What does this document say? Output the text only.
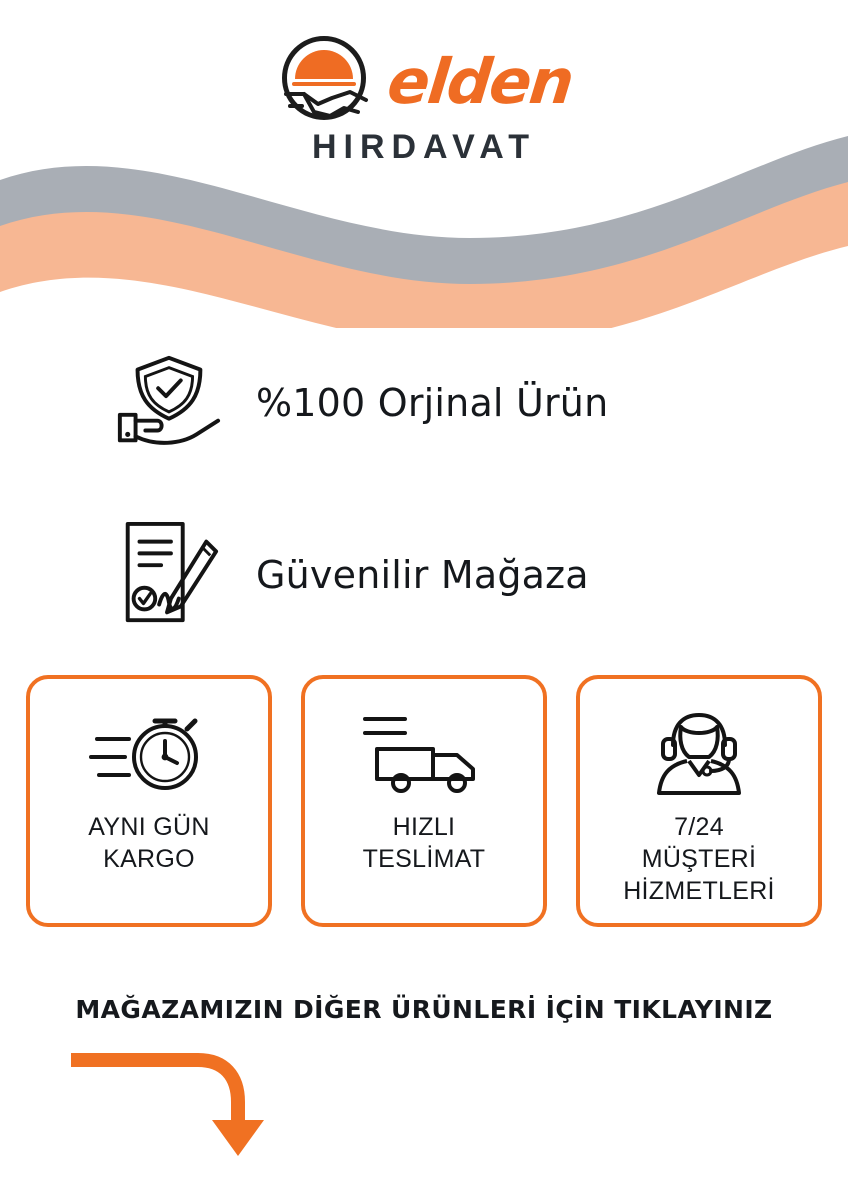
elden
HIRDAVAT
%100 Orjinal Ürün
Güvenilir Mağaza
AYNI GÜN
KARGO
HIZLI
TESLİMAT
7/24
MÜŞTERİ
HİZMETLERİ
MAĞAZAMIZIN DİĞER ÜRÜNLERİ İÇİN TIKLAYINIZ
